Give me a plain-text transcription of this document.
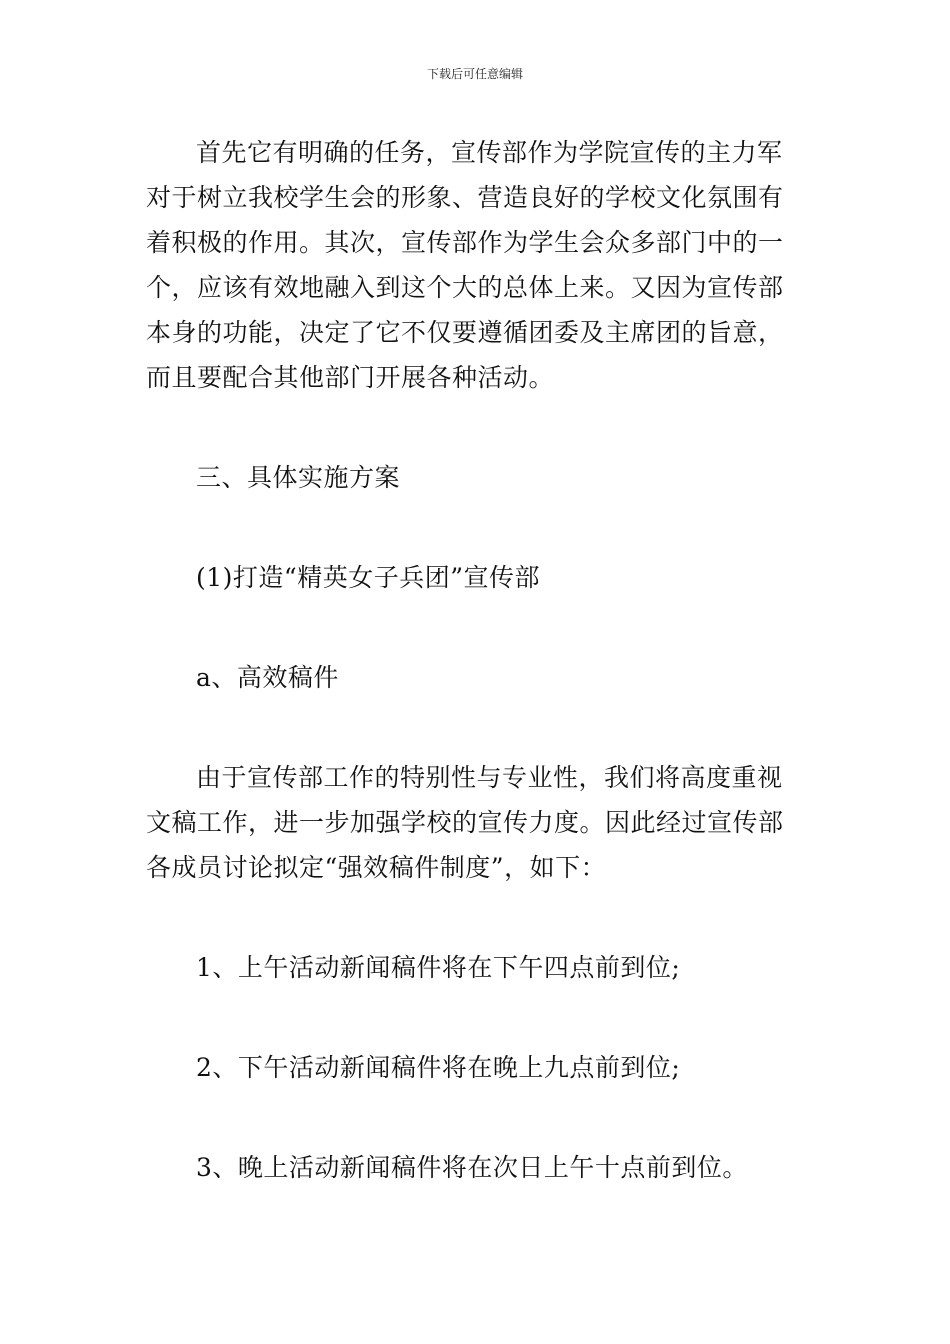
下载后可任意编辑
首先它有明确的任务，宣传部作为学院宣传的主力军
对于树立我校学生会的形象、营造良好的学校文化氛围有
着积极的作用。其次，宣传部作为学生会众多部门中的一
个，应该有效地融入到这个大的总体上来。又因为宣传部
本身的功能，决定了它不仅要遵循团委及主席团的旨意，
而且要配合其他部门开展各种活动。

三、具体实施方案

(1)打造“精英女子兵团”宣传部

a、高效稿件

由于宣传部工作的特别性与专业性，我们将高度重视
文稿工作，进一步加强学校的宣传力度。因此经过宣传部
各成员讨论拟定“强效稿件制度”，如下：

1、上午活动新闻稿件将在下午四点前到位;

2、下午活动新闻稿件将在晚上九点前到位;

3、晚上活动新闻稿件将在次日上午十点前到位。
